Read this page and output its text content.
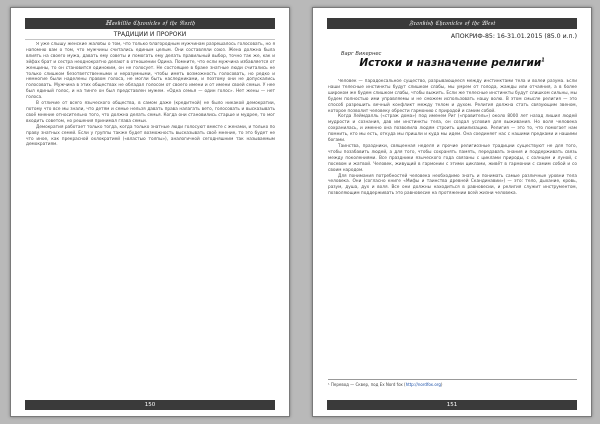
ℍ𝔞𝔰𝔨𝔦𝔩𝔩𝔦𝔞 ℭ𝔥𝔯𝔬𝔫𝔦𝔠𝔩𝔢𝔰 𝔬𝔣 𝔱𝔥𝔢 𝔑𝔬𝔯𝔱𝔥
ТРАДИЦИИ И ПРОРОКИ

Я уже слышу женские жалобы о том, что только благородным мужчинам разрешалось голосовать, но я напомню вам о том, что мужчины считались единым целым. Они составляли союз. Жена должна была влиять на своего мужа, давать ему советы и помогать ему делать правильный выбор, точно так же, как и эйфах брат и сестра неоднократно делают в отношении Одина. Помните, что если мужчина избавляется от женщины, то он становится одиноким, он не голосует. Не состоящие в браке знатные люди считались не только слишком безответственными и неразумными, чтобы иметь возможность голосовать, но редко и немногие были наделены правом голоса, не могли быть наследниками, и поэтому они не допускались голосовать. Мужчина в этих обществах не обладал голосом от своего имени и от имени своей семьи. У нее был единый голос, и на тинге он был представлен мужем. «Одна семья — один голос». Нет жены — нет голоса.

В отличие от всего языческого общества, в самом даже (кредитной) не было никакой демократии, потому что все мы знали, что детям и семье нельзя давать права налагать вето, голосовать и высказывать своё мнение относительно того, что должна делать семья. Когда они становились старше и мудрее, то мог входить советом, но решения принимал глава семьи.

Демократия работает только тогда, когда только знатные люди голосуют вместе с женами, и только по праву знатных семей. Если у группы также будет возможность высказывать своё мнение, то это будет не что иное, как прекрасной охлократией («властью толпы»), аналогичной сегодняшним так называемым демократиям.

150
𝔉𝔯𝔞𝔫𝔨𝔦𝔰𝔥 ℭ𝔥𝔯𝔬𝔫𝔦𝔠𝔩𝔢𝔰 𝔬𝔣 𝔱𝔥𝔢 𝔚𝔢𝔰𝔱
АПОКРИФ-85: 16-31.01.2015 (85.0 и.п.)
Варг Викернес
Истоки и назначение религии$^1$

Человек — парадоксальное существо, разрывающееся между инстинктами тела и волей разума. Если наши телесные инстинкты будут слишком слабы, мы умрем от голода, жажды или отчаяния, а в более широком же будем слишком слабы, чтобы выжить. Если же телесные инстинкты будут слишком сильны, мы будем полностью ими управляемы и не сможем использовать нашу волю. В этом смысле религия — это способ разрешить вечный конфликт между телом и духом. Религия должна стать связующим звеном, которое позволит человеку обрести гармонию с природой и самим собой.

Когда Хеймдалль («страж дома») под именем Риг («правитель») около 8000 лет назад лишил людей мудрости и сознания, дав им инстинкты тела, он создал условия для выживания. Но воля человека сохранилась, и именно она позволила людям строить цивилизацию. Религия — это то, что помогает нам помнить, кто мы есть, откуда мы пришли и куда мы идем. Она соединяет нас с нашими предками и нашими богами.

Таинства, праздники, священная неделя и прочие религиозные традиции существуют не для того, чтобы позабавить людей, а для того, чтобы сохранять память, передавать знания и поддерживать связь между поколениями. Все праздники языческого года связаны с циклами природы, с солнцем и луной, с посевом и жатвой. Человек, живущий в гармонии с этими циклами, живёт в гармонии с самим собой и со своим народом.

Для понимания потребностей человека необходимо знать и понимать самые различные уровни тела человека. Они (согласно книге «Мифы и таинства древней Скандинавии») — это: тело, дыхание, кровь, разум, душа, дух и воля. Все они должны находиться в равновесии, и религия служит инструментом, позволяющим поддерживать это равновесие на протяжении всей жизни человека.

¹ Перевод — Сквер, под Ex Nord fox (http://nordfox.org)
151
